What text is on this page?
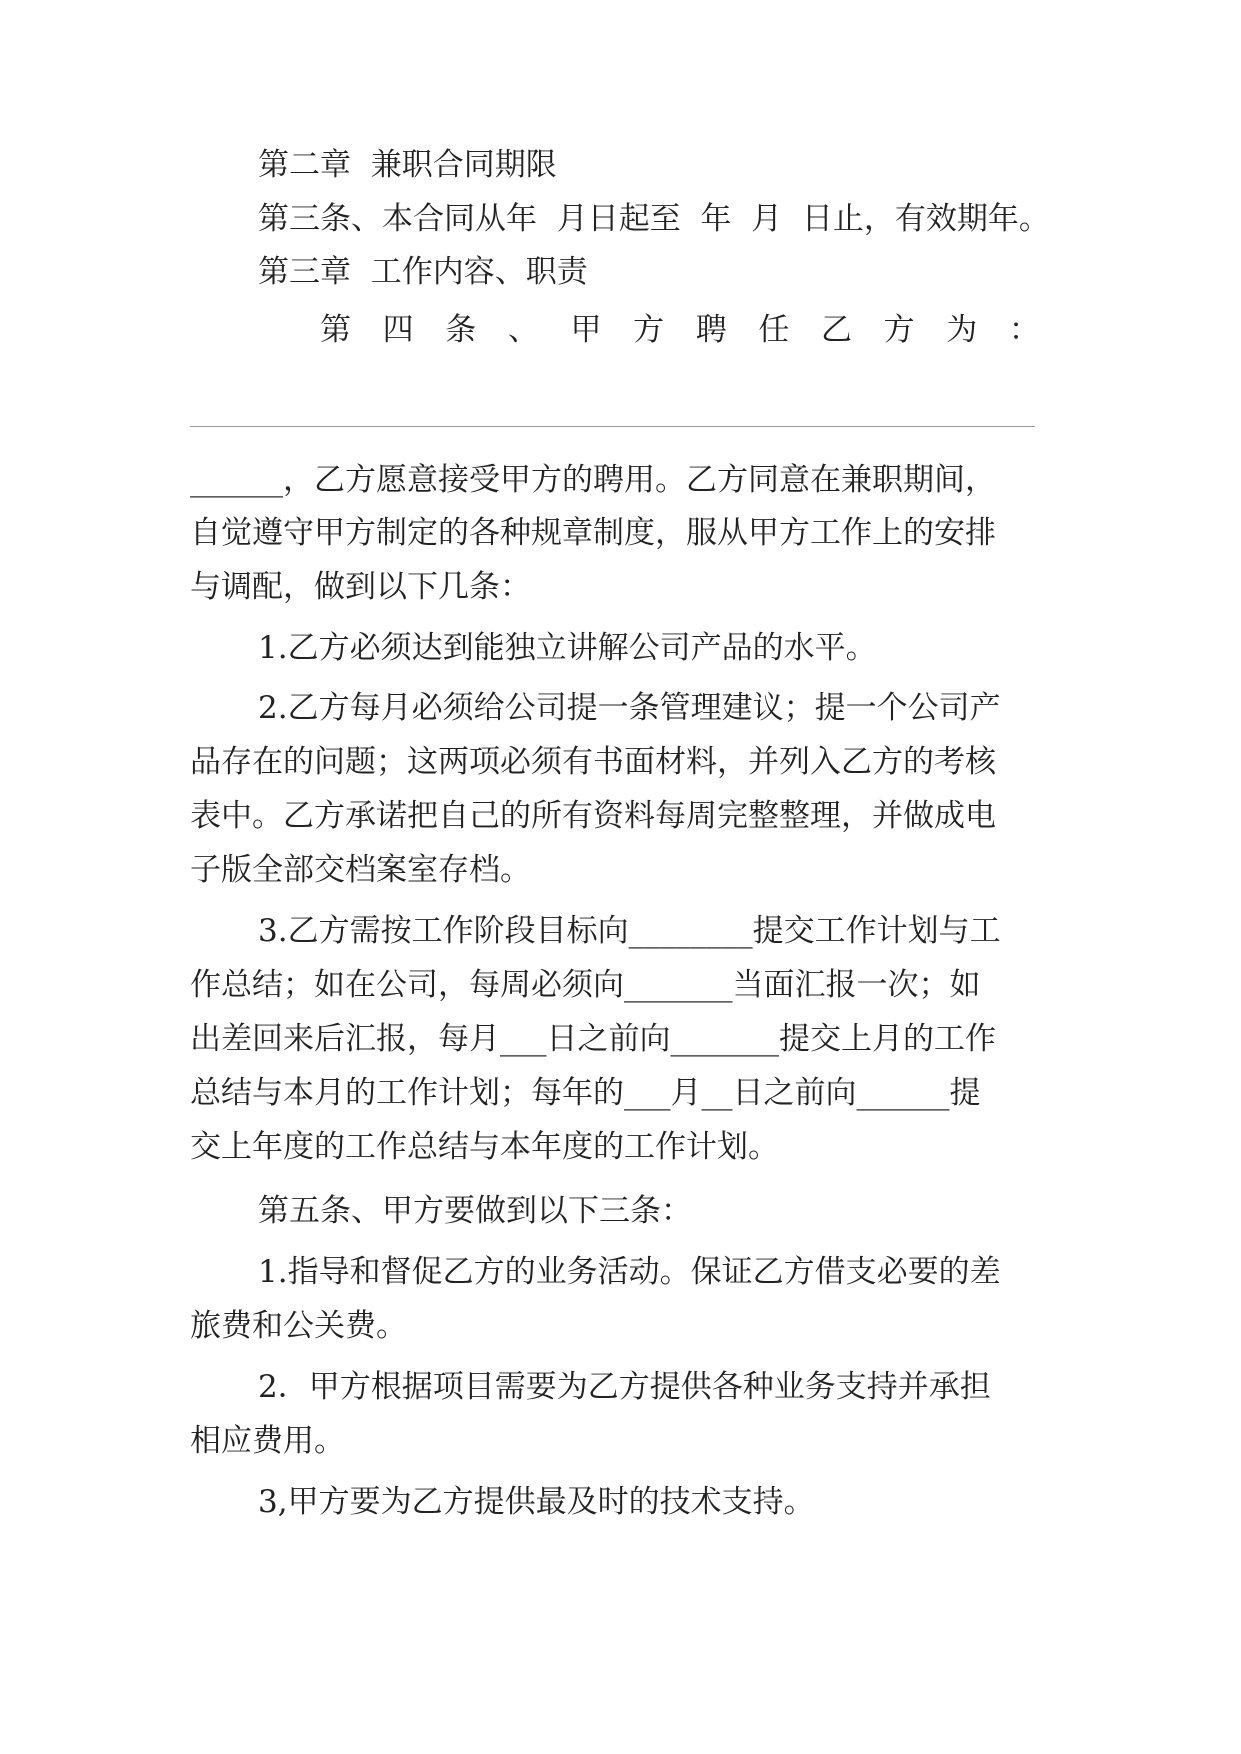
第二章  兼职合同期限

第三条、本合同从年  月日起至  年  月  日止，有效期年。

第三章  工作内容、职责

第 四 条 、 甲 方 聘 任 乙 方 为 ：

______，乙方愿意接受甲方的聘用。乙方同意在兼职期间，

自觉遵守甲方制定的各种规章制度，服从甲方工作上的安排

与调配，做到以下几条：

1.乙方必须达到能独立讲解公司产品的水平。

2.乙方每月必须给公司提一条管理建议；提一个公司产

品存在的问题；这两项必须有书面材料，并列入乙方的考核

表中。乙方承诺把自己的所有资料每周完整整理，并做成电

子版全部交档案室存档。

3.乙方需按工作阶段目标向________提交工作计划与工

作总结；如在公司，每周必须向_______当面汇报一次；如

出差回来后汇报，每月___日之前向_______提交上月的工作

总结与本月的工作计划；每年的___月__日之前向______提

交上年度的工作总结与本年度的工作计划。

第五条、甲方要做到以下三条：

1.指导和督促乙方的业务活动。保证乙方借支必要的差

旅费和公关费。

2．甲方根据项目需要为乙方提供各种业务支持并承担

相应费用。

3,甲方要为乙方提供最及时的技术支持。
